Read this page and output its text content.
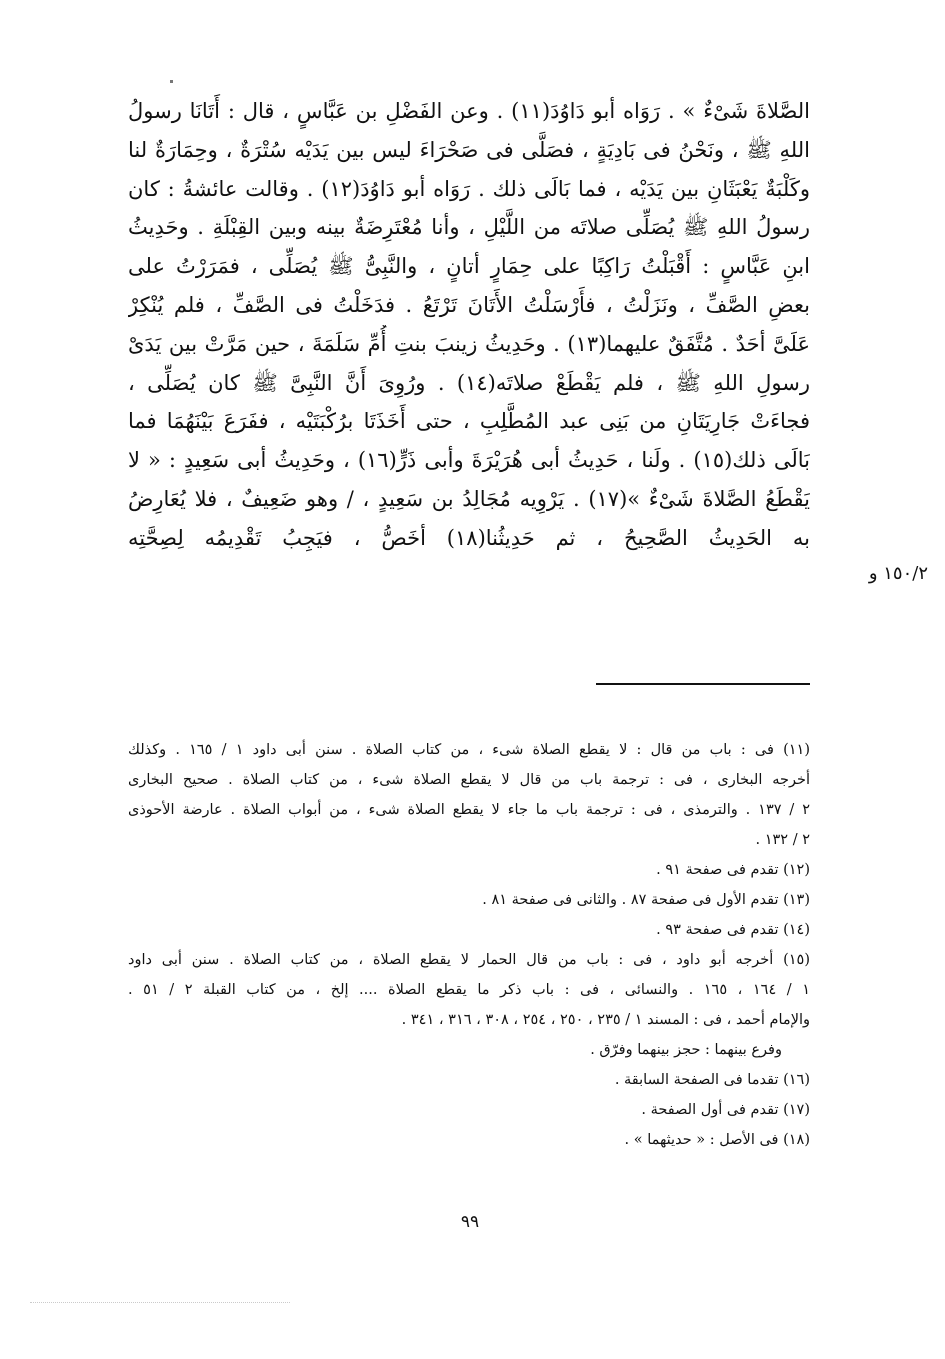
الصَّلاةَ شَىْءٌ » . رَوَاه أبو دَاوُدَ(١١) . وعن الفَضْلِ بن عَبَّاسٍ ، قال : أَتَانَا رسولُ
اللهِ ﷺ ، ونَحْنُ فى بَادِيَةٍ ، فصَلَّى فى صَحْرَاءَ ليس بين يَدَيْه سُتْرَةٌ ، وحِمَارَةٌ لنا
وكَلْبَةٌ يَعْبَثَانِ بين يَدَيْه ، فما بَالَى ذلك . رَوَاه أبو دَاوُدَ(١٢) . وقالت عائشةُ : كان
رسولُ اللهِ ﷺ يُصَلِّى صلاتَه من اللَّيْلِ ، وأنا مُعْتَرِضَةٌ بينه وبين القِبْلَةِ . وحَدِيثُ
ابنِ عَبَّاسٍ : أَقْبَلْتُ رَاكِبًا على حِمَارٍ أتانٍ ، والنَّبِىُّ ﷺ يُصَلِّى ، فمَرَرْتُ على
بعضِ الصَّفِّ ، ونَزَلْتُ ، فأَرْسَلْتُ الأَتَانَ تَرْتَعُ . فدَخَلْتُ فى الصَّفِّ ، فلم يُنْكِرْ
عَلَىَّ أحَدٌ . مُتَّفَقٌ عليهما(١٣) . وحَدِيثُ زينبَ بنتِ أُمِّ سَلَمَةَ ، حين مَرَّتْ بين يَدَىْ
رسولِ اللهِ ﷺ ، فلم يَقْطَعْ صلاتَه(١٤) . ورُوِىَ أَنَّ النَّبِىَّ ﷺ كان يُصَلِّى ،
فجاءَتْ جَارِيَتَانِ من بَنِى عبد المُطَّلِبِ ، حتى أَخَذَتَا برُكْبَتَيْه ، ففَرَعَ بَيْنَهُمَا فما
بَالَى ذلك(١٥) . ولَنا ، حَدِيثُ أبى هُرَيْرَةَ وأبى ذَرٍّ(١٦) ، وحَدِيثُ أبى سَعِيدٍ : « لا
يَقْطَعُ الصَّلاةَ شَىْءٌ »(١٧) . يَرْوِيه مُجَالِدُ بن سَعِيدٍ ، / وهو ضَعِيفٌ ، فلا يُعَارِضُ
به الحَدِيثُ الصَّحِيحُ ، ثم حَدِيثُنا(١٨) أخَصُّ ، فيَجِبُ تَقْدِيمُه لِصِحَّتِه
١٥٠/٢ و
(١١) فى : باب من قال : لا يقطع الصلاة شىء ، من كتاب الصلاة . سنن أبى داود ١ / ١٦٥ . وكذلك
أخرجه البخارى ، فى : ترجمة باب من قال لا يقطع الصلاة شىء ، من كتاب الصلاة . صحيح البخارى
٢ / ١٣٧ . والترمذى ، فى : ترجمة باب ما جاء لا يقطع الصلاة شىء ، من أبواب الصلاة . عارضة الأحوذى
٢ / ١٣٢ .
(١٢) تقدم فى صفحة ٩١ .
(١٣) تقدم الأول فى صفحة ٨٧ . والثانى فى صفحة ٨١ .
(١٤) تقدم فى صفحة ٩٣ .
(١٥) أخرجه أبو داود ، فى : باب من قال الحمار لا يقطع الصلاة ، من كتاب الصلاة . سنن أبى داود
١ / ١٦٤ ، ١٦٥ . والنسائى ، فى : باب ذكر ما يقطع الصلاة .... إلخ ، من كتاب القبلة ٢ / ٥١ .
والإمام أحمد ، فى : المسند ١ / ٢٣٥ ، ٢٥٠ ، ٢٥٤ ، ٣٠٨ ، ٣١٦ ، ٣٤١ .
وفرع بينهما : حجز بينهما وفرّق .
(١٦) تقدما فى الصفحة السابقة .
(١٧) تقدم فى أول الصفحة .
(١٨) فى الأصل : « حديثهما » .
٩٩
